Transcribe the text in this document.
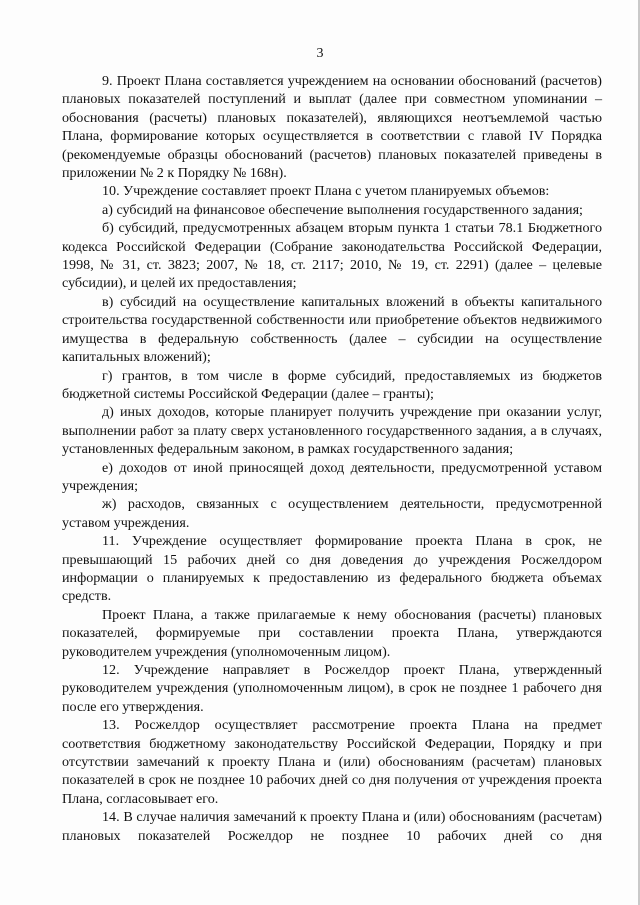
3

9. Проект Плана составляется учреждением на основании обоснований (расчетов) плановых показателей поступлений и выплат (далее при совместном упоминании – обоснования (расчеты) плановых показателей), являющихся неотъемлемой частью Плана, формирование которых осуществляется в соответствии с главой IV Порядка (рекомендуемые образцы обоснований (расчетов) плановых показателей приведены в приложении № 2 к Порядку № 168н).

10. Учреждение составляет проект Плана с учетом планируемых объемов:

а) субсидий на финансовое обеспечение выполнения государственного задания;

б) субсидий, предусмотренных абзацем вторым пункта 1 статьи 78.1 Бюджетного кодекса Российской Федерации (Собрание законодательства Российской Федерации, 1998, № 31, ст. 3823; 2007, № 18, ст. 2117; 2010, № 19, ст. 2291) (далее – целевые субсидии), и целей их предоставления;

в) субсидий на осуществление капитальных вложений в объекты капитального строительства государственной собственности или приобретение объектов недвижимого имущества в федеральную собственность (далее – субсидии на осуществление капитальных вложений);

г) грантов, в том числе в форме субсидий, предоставляемых из бюджетов бюджетной системы Российской Федерации (далее – гранты);

д) иных доходов, которые планирует получить учреждение при оказании услуг, выполнении работ за плату сверх установленного государственного задания, а в случаях, установленных федеральным законом, в рамках государственного задания;

е) доходов от иной приносящей доход деятельности, предусмотренной уставом учреждения;

ж) расходов, связанных с осуществлением деятельности, предусмотренной уставом учреждения.

11. Учреждение осуществляет формирование проекта Плана в срок, не превышающий 15 рабочих дней со дня доведения до учреждения Росжелдором информации о планируемых к предоставлению из федерального бюджета объемах средств.

Проект Плана, а также прилагаемые к нему обоснования (расчеты) плановых показателей, формируемые при составлении проекта Плана, утверждаются руководителем учреждения (уполномоченным лицом).

12. Учреждение направляет в Росжелдор проект Плана, утвержденный руководителем учреждения (уполномоченным лицом), в срок не позднее 1 рабочего дня после его утверждения.

13. Росжелдор осуществляет рассмотрение проекта Плана на предмет соответствия бюджетному законодательству Российской Федерации, Порядку и при отсутствии замечаний к проекту Плана и (или) обоснованиям (расчетам) плановых показателей в срок не позднее 10 рабочих дней со дня получения от учреждения проекта Плана, согласовывает его.

14. В случае наличия замечаний к проекту Плана и (или) обоснованиям (расчетам) плановых показателей Росжелдор не позднее 10 рабочих дней со дня
